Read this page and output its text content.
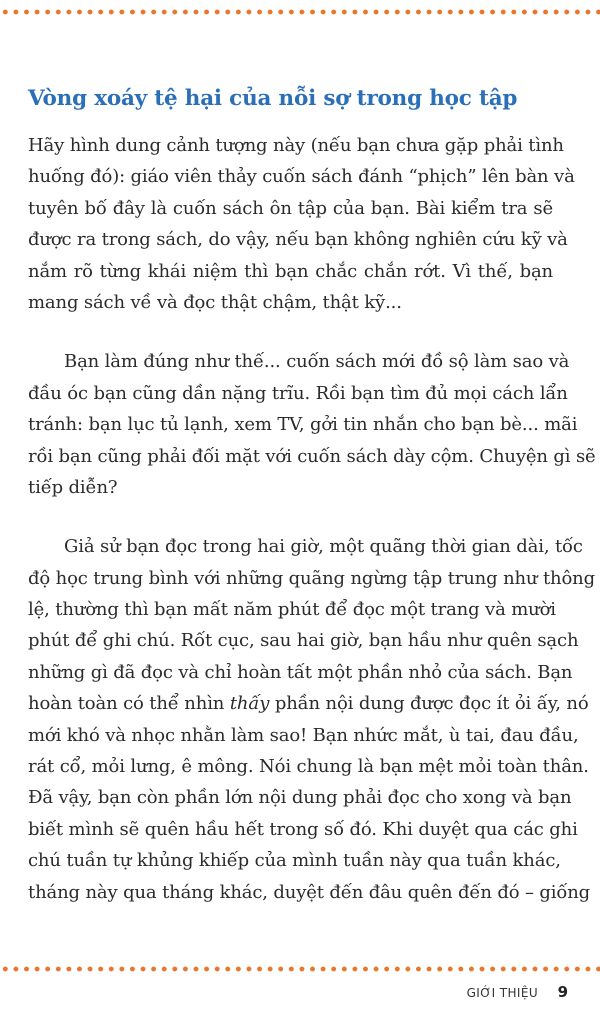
Vòng xoáy tệ hại của nỗi sợ trong học tập
Hãy hình dung cảnh tượng này (nếu bạn chưa gặp phải tình
huống đó): giáo viên thảy cuốn sách đánh “phịch” lên bàn và
tuyên bố đây là cuốn sách ôn tập của bạn. Bài kiểm tra sẽ
được ra trong sách, do vậy, nếu bạn không nghiên cứu kỹ và
nắm rõ từng khái niệm thì bạn chắc chắn rớt. Vì thế, bạn
mang sách về và đọc thật chậm, thật kỹ...
Bạn làm đúng như thế... cuốn sách mới đồ sộ làm sao và
đầu óc bạn cũng dần nặng trĩu. Rồi bạn tìm đủ mọi cách lẩn
tránh: bạn lục tủ lạnh, xem TV, gởi tin nhắn cho bạn bè... mãi
rồi bạn cũng phải đối mặt với cuốn sách dày cộm. Chuyện gì sẽ
tiếp diễn?
Giả sử bạn đọc trong hai giờ, một quãng thời gian dài, tốc
độ học trung bình với những quãng ngừng tập trung như thông
lệ, thường thì bạn mất năm phút để đọc một trang và mười
phút để ghi chú. Rốt cục, sau hai giờ, bạn hầu như quên sạch
những gì đã đọc và chỉ hoàn tất một phần nhỏ của sách. Bạn
hoàn toàn có thể nhìn thấy phần nội dung được đọc ít ỏi ấy, nó
mới khó và nhọc nhằn làm sao! Bạn nhức mắt, ù tai, đau đầu,
rát cổ, mỏi lưng, ê mông. Nói chung là bạn mệt mỏi toàn thân.
Đã vậy, bạn còn phần lớn nội dung phải đọc cho xong và bạn
biết mình sẽ quên hầu hết trong số đó. Khi duyệt qua các ghi
chú tuần tự khủng khiếp của mình tuần này qua tuần khác,
tháng này qua tháng khác, duyệt đến đâu quên đến đó – giống
GIỚI THIỆU 9
